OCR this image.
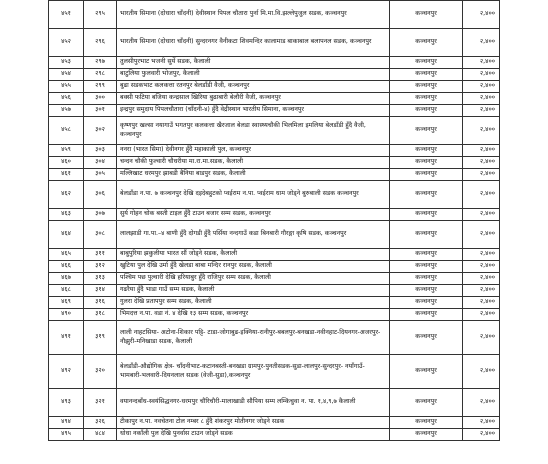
४५१	२९५	भारतीय सिमाना (दोधारा चाँदनी) देवीस्थान पिपल चौतारा पुर्ना मि.मा.वि.झल्लेपुजुल सडक, कञ्चनपुर	कञ्चनपुर	२,४००
४५२	२९६	भारतीय सिमाना (दोधारा चाँदनी) सुन्दरनगर वैनीकटा शिवमन्दिर कालामाड बाकाबाल बलापनल सडक, कञ्चनपुर	कञ्चनपुर	२,४००
४५३	२९७	तुलसीपुरभाट भजनी सुर्ये सडक, कैलाली	कञ्चनपुर	२,४००
४५४	२९८	बाटुलिया फुलवारी भोजपुर, कैलाली	कञ्चनपुर	२,४००
४५५	२९९	बुढा सडकभाट कलकत्ता रतनपुर बेलडाँडी वैजी, कञ्चनपुर	कञ्चनपुर	२,४००
४५६	३००	बक्सी फटिया बजिया कन्द्रसाल खिरिया बुढाबारी बेलौरी वैजी, कञ्चनपुर	कञ्चनपुर	२,४००
४५७	३०१	इन्द्रपुर समुदाय पिपलचौतारा (चाँदनी-४) हुँदै वेद्रीस्थान भारतीय सिमाना, कञ्चनपुर	कञ्चनपुर	२,४००
४५८	३०२	कृष्णपुर खल्सा नयागाउँ भगतपुर कलकत्ता खैरजाल बेलडा स्वास्थ्यचौकी भिलमिला इमलिया बेलडाँडी हुँदै वैजी, कञ्चनपुर	कञ्चनपुर	२,४००
४५९	३०३	ननरा (भारत सिमा) देवीनगर हुँदै महाकाली पुल, कञ्चनपुर	कञ्चनपुर	२,४००
४६०	३०४	चन्दन चौकी फुल्वारी चौधरीया मा.रा.मा.सडक, कैलाली	कञ्चनपुर	२,४००
४६१	३०५	मल्लिखाट धरमपुर झाबडी बैनिया बाडपुर सडक, कैलाली	कञ्चनपुर	२,४००
४६२	३०६	बेलडाँडा न.पा. ७ कञ्चनपुर देखि दइदेबहुटको प्वईराम न.पा. प्वईराम धाम जोड्ने बुरुबाली सडक कञ्चनपुर	कञ्चनपुर	२,४००
४६३	३०७	सुर्य गोहन चोक बस्ती टाइल हुँदै टाउन बजार सम्म सडक, कञ्चनपुर	कञ्चनपुर	२,४००
४६४	३०८	लालझाडी गा.पा.–४ बाणी हुँदै दोगडी हुँदै पर्सिया नन्दगाउँ कडा बिनबारी गौरङ्गा कृषि सडक, कञ्चनपुर	कञ्चनपुर	२,४००
४६५	३११	बाबुपुरिया झकुलीया भारत सौं जोड्ने सडक, कैलाली	कञ्चनपुर	२,४००
४६६	३१२	खुटिया पुल देखि उर्मा हुँदै खेलडा बाबा मन्दिर रानपुर सडक, कैलाली	कञ्चनपुर	२,४००
४६७	३१३	पश्चिम पछ पुल्वारी देखि हरियाबुर हुँदै राजिपुर सम्म सडक, कैलाली	कञ्चनपुर	२,४००
४६८	३१४	गढरैया हुँदै भाडा गाउँ सम्म सडक, कैलाली	कञ्चनपुर	२,४००
४६९	३१६	गुलरा देखि प्रतापपुर सम्म सडक, कैलाली	कञ्चनपुर	२,४००
४९०	३१८	भिमदत्त न.पा. वडा नं. ४ देखि १३ सम्म सडक, कञ्चनपुर	कञ्चनपुर	२,४००
४९१	३१९	लाली नाहटसिया- अटोना-शिकार पट्टि- टाडा-जोगाबुढ-इक्निया-रानीपुर-बबलपुर-बनखडा-नवीनहाट-दियनगर-अजरपुर-नौझुरी-मनिखाडा सडक, कैलाली	कञ्चनपुर	२,४००
४९२	३२०	बेलडाँडी-औद्योगिक क्षेत्र- चाँदनीभाट-कटानबस्ती-बनखडा ग्रामपुर-पुनतीसडक-सुडा-लालपुर-सुन्दरपुर- नयाँगाउँ-भामबारी-भलवारी-दियनलाल सडक (वेजी-सुडा),कञ्चनपुर	कञ्चनपुर	२,४००
४९३	३२१	वयानन्दबाँध-स्वयंसिद्धनगर-धरमपुर चौरिचौरी-मालाखाडी सौपिया सम्म लम्किचुवा न. पा. १,४,९,७ कैलाली	कञ्चनपुर	२,४००
४९४	३२६	टीकापुर न.पा. नवचेतना टोल नम्बर ८ हुँदै शंकरपुर मोतीनगर जोड्ने सडक	कञ्चनपुर	२,४००
४९५	४८४	धोधा नकाँली पुल देखि पुनर्वास टाउन जोड्ने सडक	कञ्चनपुर	२,४००
